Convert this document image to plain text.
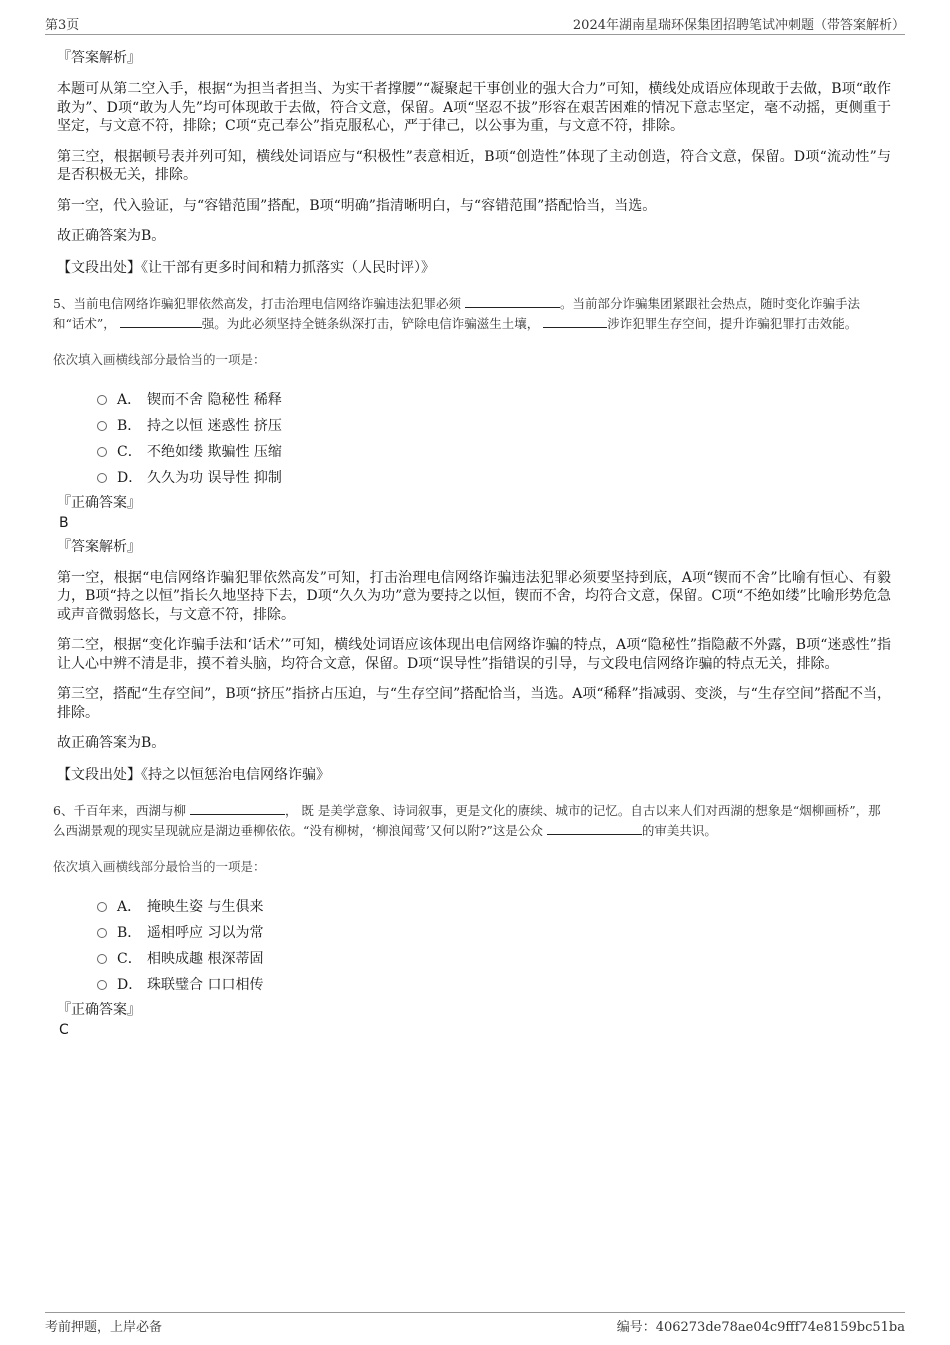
第3页	2024年湖南星瑞环保集团招聘笔试冲刺题（带答案解析）
『答案解析』

本题可从第二空入手，根据“为担当者担当、为实干者撑腰”“凝聚起干事创业的强大合力”可知，横线处成语应体现敢于去做，B项“敢作敢为”、D项“敢为人先”均可体现敢于去做，符合文意，保留。A项“坚忍不拔”形容在艰苦困难的情况下意志坚定，毫不动摇，更侧重于坚定，与文意不符，排除；C项“克己奉公”指克服私心，严于律己，以公事为重，与文意不符，排除。

第三空，根据顿号表并列可知，横线处词语应与“积极性”表意相近，B项“创造性”体现了主动创造，符合文意，保留。D项“流动性”与是否积极无关，排除。

第一空，代入验证，与“容错范围”搭配，B项“明确”指清晰明白，与“容错范围”搭配恰当，当选。

故正确答案为B。

【文段出处】《让干部有更多时间和精力抓落实（人民时评）》
5、当前电信网络诈骗犯罪依然高发，打击治理电信网络诈骗违法犯罪必须	。当前部分诈骗集团紧跟社会热点，随时变化诈骗手法和“话术”，	强。为此必须坚持全链条纵深打击，铲除电信诈骗滋生土壤，	涉诈犯罪生存空间，提升诈骗犯罪打击效能。
依次填入画横线部分最恰当的一项是：
A． 锲而不舍 隐秘性 稀释
B． 持之以恒 迷惑性 挤压
C． 不绝如缕 欺骗性 压缩
D． 久久为功 误导性 抑制
『正确答案』
B
『答案解析』

第一空，根据“电信网络诈骗犯罪依然高发”可知，打击治理电信网络诈骗违法犯罪必须要坚持到底，A项“锲而不舍”比喻有恒心、有毅力，B项“持之以恒”指长久地坚持下去，D项“久久为功”意为要持之以恒，锲而不舍，均符合文意，保留。C项“不绝如缕”比喻形势危急或声音微弱悠长，与文意不符，排除。

第二空，根据“变化诈骗手法和‘话术’”可知，横线处词语应该体现出电信网络诈骗的特点，A项“隐秘性”指隐蔽不外露，B项“迷惑性”指让人心中辨不清是非，摸不着头脑，均符合文意，保留。D项“误导性”指错误的引导，与文段电信网络诈骗的特点无关，排除。

第三空，搭配“生存空间”，B项“挤压”指挤占压迫，与“生存空间”搭配恰当，当选。A项“稀释”指减弱、变淡，与“生存空间”搭配不当，排除。

故正确答案为B。

【文段出处】《持之以恒惩治电信网络诈骗》
6、千百年来，西湖与柳	， 既 是美学意象、诗词叙事，更是文化的赓续、城市的记忆。自古以来人们对西湖的想象是“烟柳画桥”，那么西湖景观的现实呈现就应是湖边垂柳依依。“没有柳树，‘柳浪闻莺’又何以附?”这是公众	的审美共识。
依次填入画横线部分最恰当的一项是：
A． 掩映生姿 与生俱来
B． 遥相呼应 习以为常
C． 相映成趣 根深蒂固
D． 珠联璧合 口口相传
『正确答案』
C
考前押题，上岸必备	编号：406273de78ae04c9fff74e8159bc51ba
